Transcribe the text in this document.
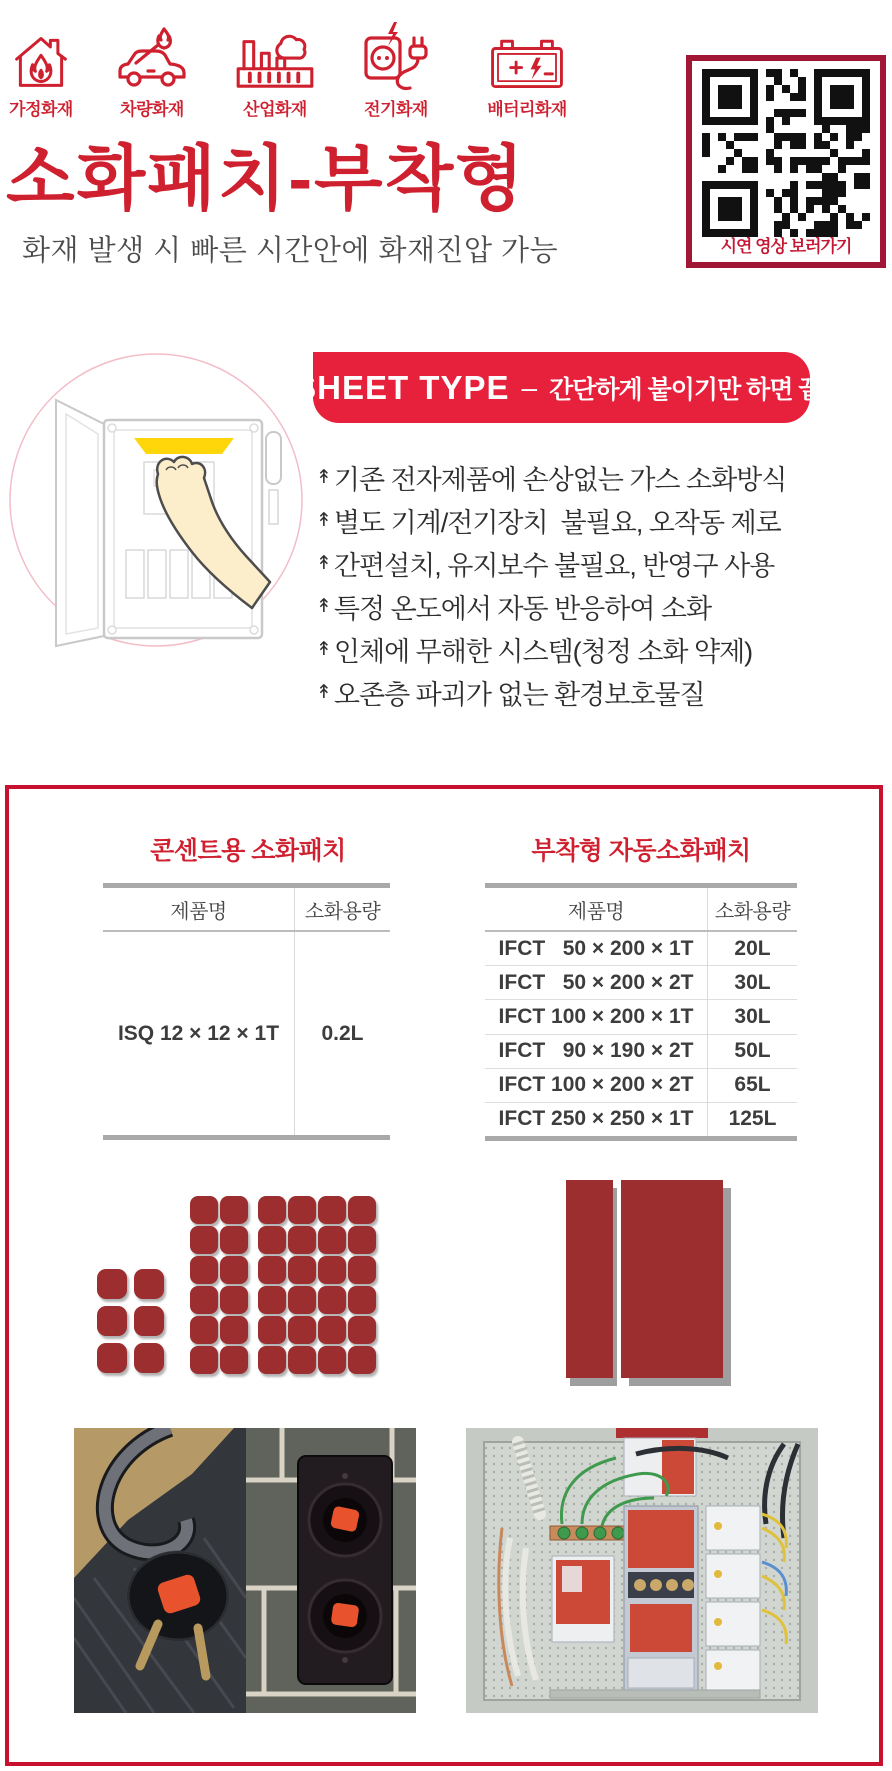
가정화재	차량화재	산업화재	전기화재	배터리화재
시연 영상 보러가기
소화패치-부착형
화재 발생 시 빠른 시간안에 화재진압 가능
SHEET TYPE – 간단하게 붙이기만 하면 끝!
↟ 기존 전자제품에 손상없는 가스 소화방식
↟ 별도 기계/전기장치  불필요, 오작동 제로
↟ 간편설치, 유지보수 불필요, 반영구 사용
↟ 특정 온도에서 자동 반응하여 소화
↟ 인체에 무해한 시스템(청정 소화 약제)
↟ 오존층 파괴가 없는 환경보호물질
콘센트용 소화패치	부착형 자동소화패치
제품명	소화용량
ISQ 12 × 12 × 1T	0.2L
제품명	소화용량
IFCT   50 × 200 × 1T	20L
IFCT   50 × 200 × 2T	30L
IFCT 100 × 200 × 1T	30L
IFCT   90 × 190 × 2T	50L
IFCT 100 × 200 × 2T	65L
IFCT 250 × 250 × 1T	125L
